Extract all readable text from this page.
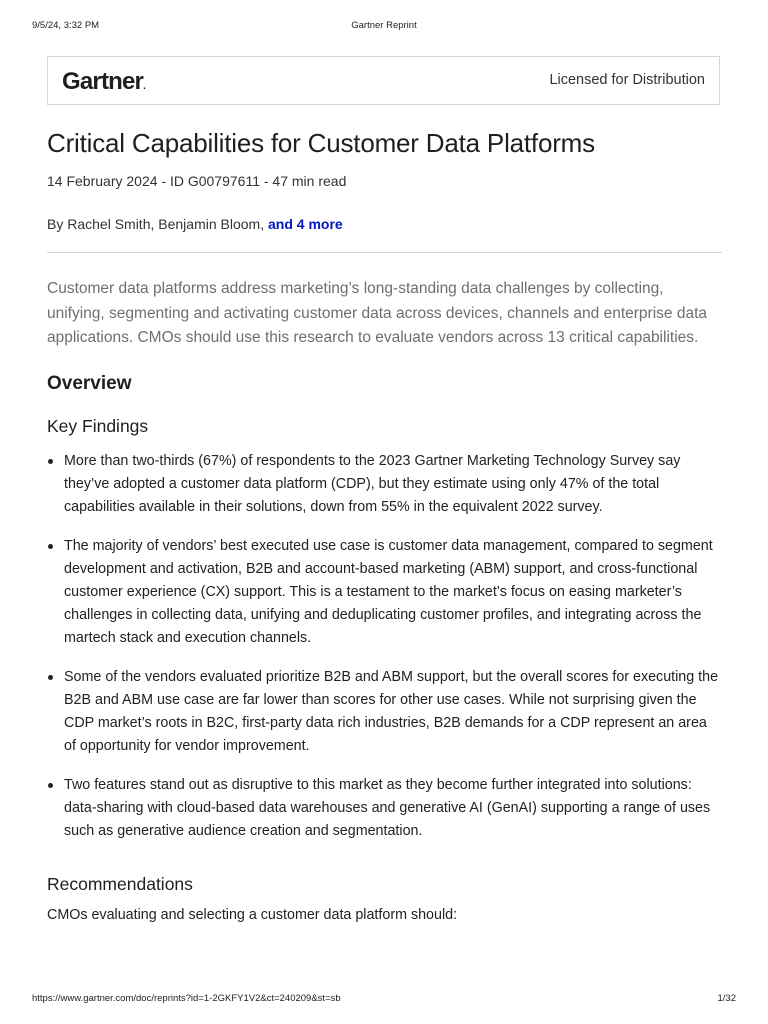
9/5/24, 3:32 PM	Gartner Reprint
Gartner.	Licensed for Distribution
Critical Capabilities for Customer Data Platforms
14 February 2024 - ID G00797611 - 47 min read
By Rachel Smith, Benjamin Bloom, and 4 more
Customer data platforms address marketing’s long-standing data challenges by collecting, unifying, segmenting and activating customer data across devices, channels and enterprise data applications. CMOs should use this research to evaluate vendors across 13 critical capabilities.
Overview
Key Findings
More than two-thirds (67%) of respondents to the 2023 Gartner Marketing Technology Survey say they’ve adopted a customer data platform (CDP), but they estimate using only 47% of the total capabilities available in their solutions, down from 55% in the equivalent 2022 survey.
The majority of vendors’ best executed use case is customer data management, compared to segment development and activation, B2B and account-based marketing (ABM) support, and cross-functional customer experience (CX) support. This is a testament to the market’s focus on easing marketer’s challenges in collecting data, unifying and deduplicating customer profiles, and integrating across the martech stack and execution channels.
Some of the vendors evaluated prioritize B2B and ABM support, but the overall scores for executing the B2B and ABM use case are far lower than scores for other use cases. While not surprising given the CDP market’s roots in B2C, first-party data rich industries, B2B demands for a CDP represent an area of opportunity for vendor improvement.
Two features stand out as disruptive to this market as they become further integrated into solutions: data-sharing with cloud-based data warehouses and generative AI (GenAI) supporting a range of uses such as generative audience creation and segmentation.
Recommendations
CMOs evaluating and selecting a customer data platform should:
https://www.gartner.com/doc/reprints?id=1-2GKFY1V2&ct=240209&st=sb	1/32
